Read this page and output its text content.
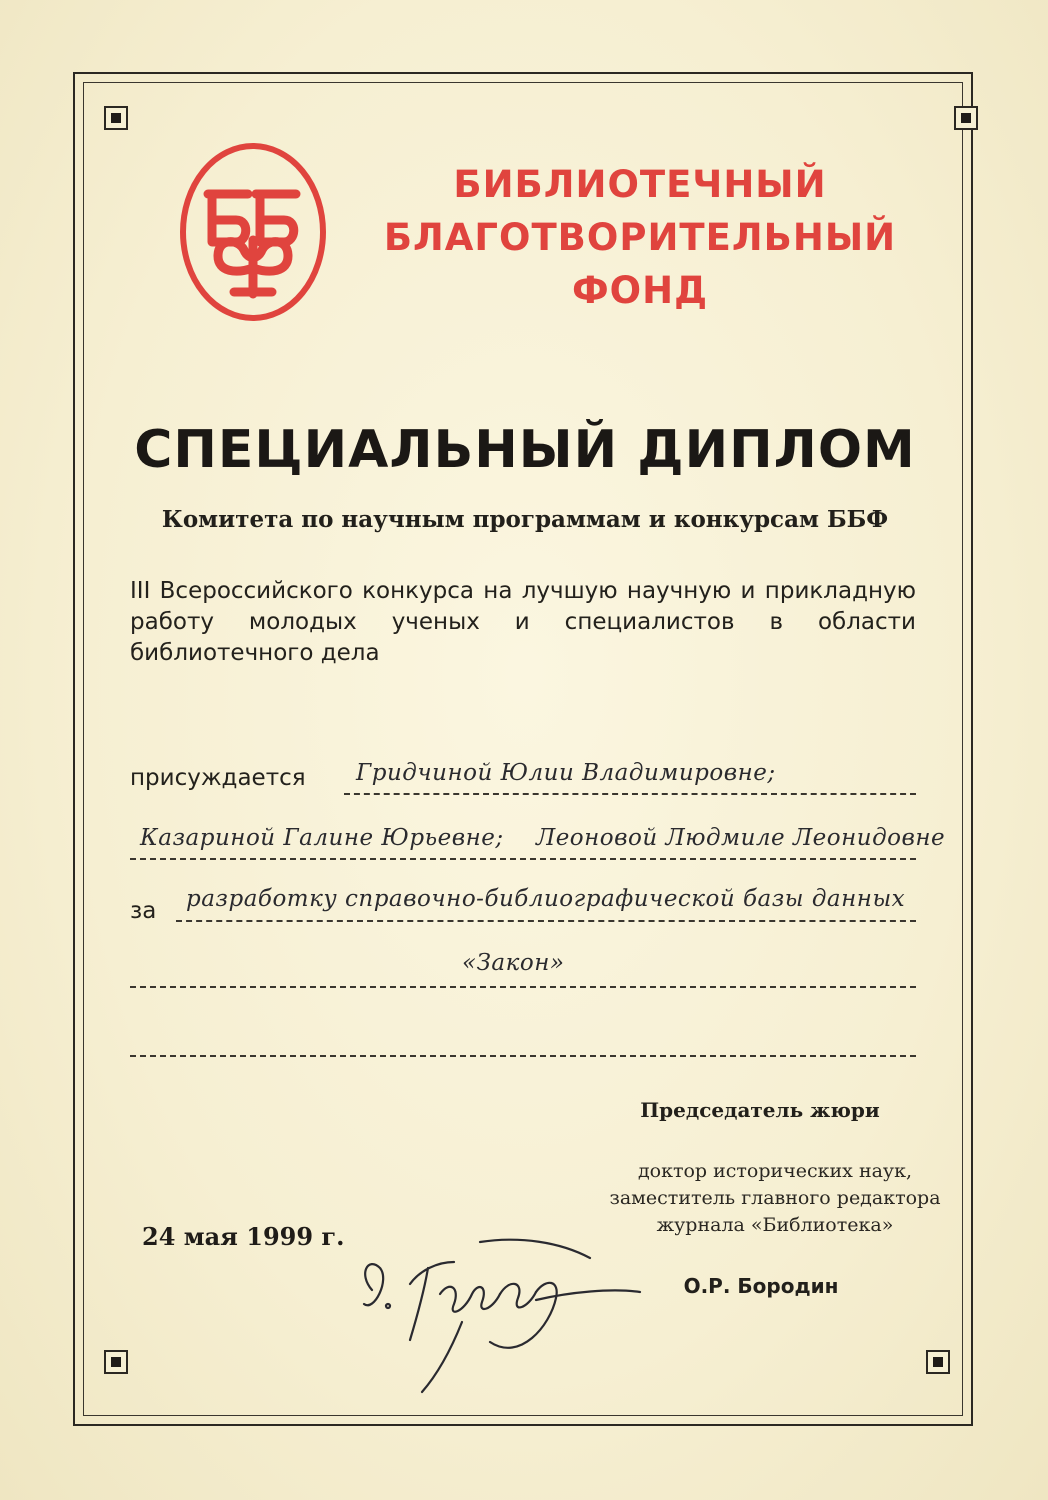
БИБЛИОТЕЧНЫЙ
БЛАГОТВОРИТЕЛЬНЫЙ
ФОНД
СПЕЦИАЛЬНЫЙ ДИПЛОМ
Комитета по научным программам и конкурсам ББФ
III Всероссийского конкурса на лучшую научную и прикладную работу молодых ученых и специалистов в области библиотечного дела
присуждается Гридчиной Юлии Владимировне;
Казариной Галине Юрьевне; Леоновой Людмиле Леонидовне
за разработку справочно-библиографической базы данных
«Закон»
Председатель жюри
доктор исторических наук,
заместитель главного редактора
журнала «Библиотека»
О.Р. Бородин
24 мая 1999 г.
